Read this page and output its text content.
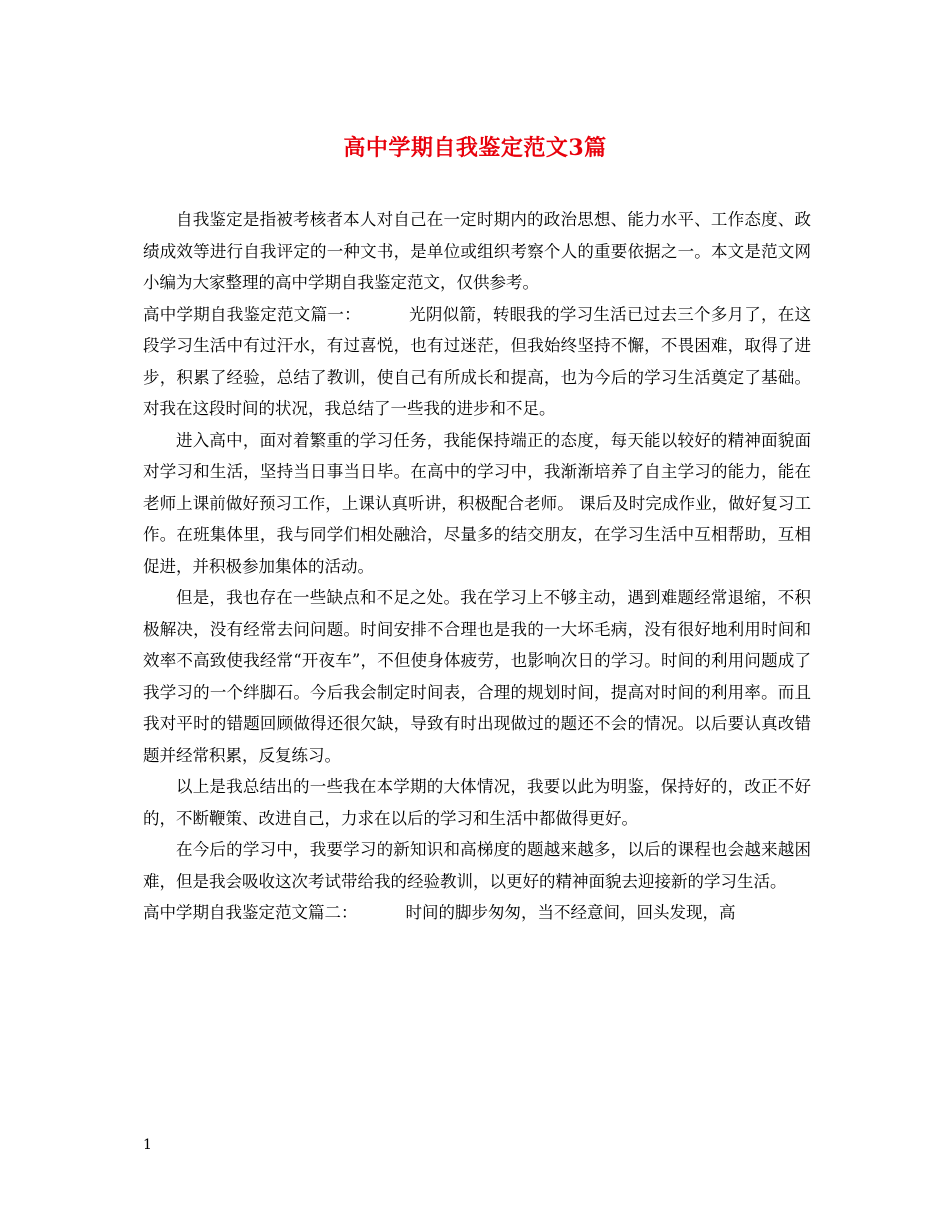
高中学期自我鉴定范文3篇

自我鉴定是指被考核者本人对自己在一定时期内的政治思想、能力水平、工作态度、政绩成效等进行自我评定的一种文书，是单位或组织考察个人的重要依据之一。本文是范文网小编为大家整理的高中学期自我鉴定范文，仅供参考。

高中学期自我鉴定范文篇一：	光阴似箭，转眼我的学习生活已过去三个多月了，在这段学习生活中有过汗水，有过喜悦，也有过迷茫，但我始终坚持不懈，不畏困难，取得了进步，积累了经验，总结了教训，使自己有所成长和提高，也为今后的学习生活奠定了基础。对我在这段时间的状况，我总结了一些我的进步和不足。

进入高中，面对着繁重的学习任务，我能保持端正的态度，每天能以较好的精神面貌面对学习和生活，坚持当日事当日毕。在高中的学习中，我渐渐培养了自主学习的能力，能在老师上课前做好预习工作，上课认真听讲，积极配合老师。 课后及时完成作业，做好复习工作。在班集体里，我与同学们相处融洽，尽量多的结交朋友，在学习生活中互相帮助，互相促进，并积极参加集体的活动。

但是，我也存在一些缺点和不足之处。我在学习上不够主动，遇到难题经常退缩，不积极解决，没有经常去问问题。时间安排不合理也是我的一大坏毛病，没有很好地利用时间和效率不高致使我经常“开夜车”，不但使身体疲劳，也影响次日的学习。时间的利用问题成了我学习的一个绊脚石。今后我会制定时间表，合理的规划时间，提高对时间的利用率。而且我对平时的错题回顾做得还很欠缺，导致有时出现做过的题还不会的情况。以后要认真改错题并经常积累，反复练习。

以上是我总结出的一些我在本学期的大体情况，我要以此为明鉴，保持好的，改正不好的，不断鞭策、改进自己，力求在以后的学习和生活中都做得更好。

在今后的学习中，我要学习的新知识和高梯度的题越来越多，以后的课程也会越来越困难，但是我会吸收这次考试带给我的经验教训，以更好的精神面貌去迎接新的学习生活。

高中学期自我鉴定范文篇二：	时间的脚步匆匆，当不经意间，回头发现，高

1
